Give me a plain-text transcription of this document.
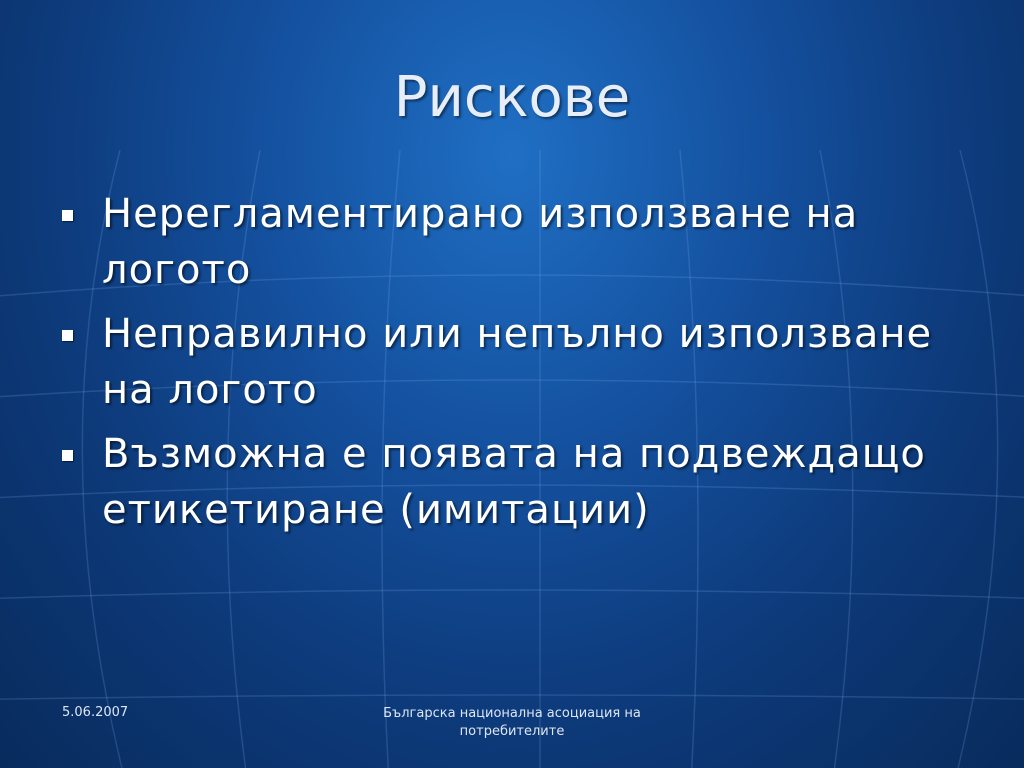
Рискове
Нерегламентирано използване на логото
Неправилно или непълно използване на логото
Възможна е появата на подвеждащо етикетиране (имитации)
5.06.2007	Българска национална асоциация на потребителите
